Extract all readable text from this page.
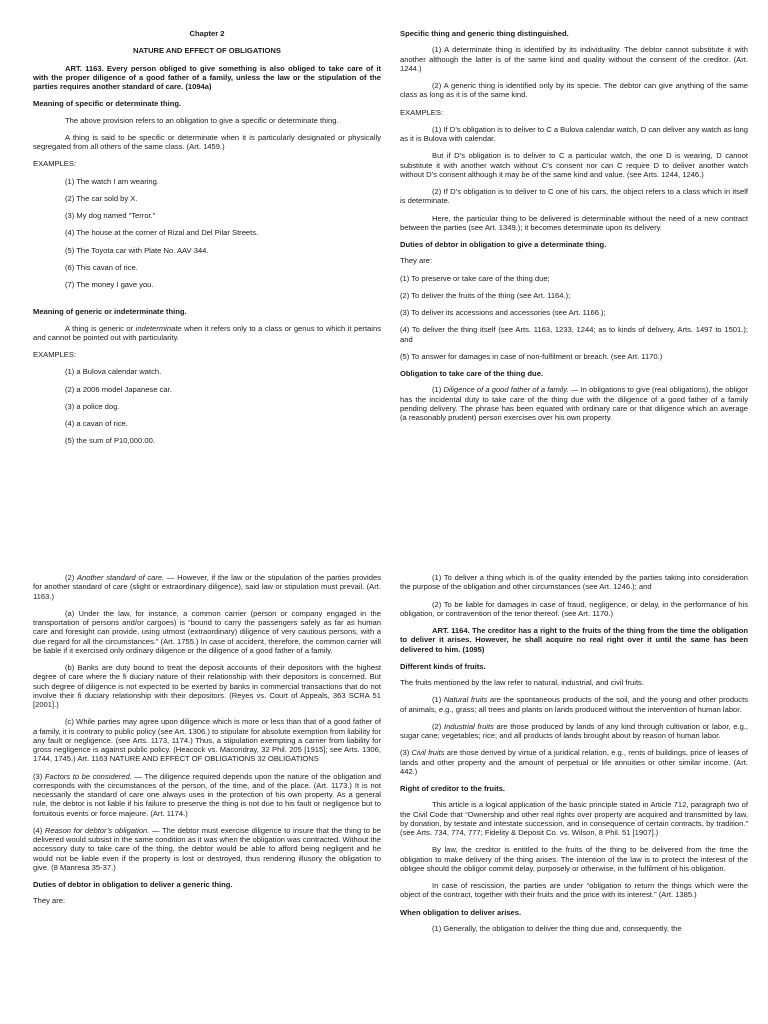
Chapter 2
NATURE AND EFFECT OF OBLIGATIONS
ART. 1163. Every person obliged to give something is also obliged to take care of it with the proper diligence of a good father of a family, unless the law or the stipulation of the parties requires another standard of care. (1094a)
Meaning of specific or determinate thing.
The above provision refers to an obligation to give a specific or determinate thing.
A thing is said to be specific or determinate when it is particularly designated or physically segregated from all others of the same class. (Art. 1459.)
EXAMPLES:
(1) The watch I am wearing.
(2) The car sold by X.
(3) My dog named “Terror.”
(4) The house at the corner of Rizal and Del Pilar Streets.
(5) The Toyota car with Plate No. AAV 344.
(6) This cavan of rice.
(7) The money I gave you.
Meaning of generic or indeterminate thing.
A thing is generic or indeterminate when it refers only to a class or genus to which it pertains and cannot be pointed out with particularity.
EXAMPLES:
(1) a Bulova calendar watch.
(2) a 2006 model Japanese car.
(3) a police dog.
(4) a cavan of rice.
(5) the sum of P10,000.00.
Specific thing and generic thing distinguished.
(1) A determinate thing is identified by its individuality. The debtor cannot substitute it with another although the latter is of the same kind and quality without the consent of the creditor. (Art. 1244.)
(2) A generic thing is identified only by its specie. The debtor can give anything of the same class as long as it is of the same kind.
EXAMPLES:
(1) If D’s obligation is to deliver to C a Bulova calendar watch, D can deliver any watch as long as it is Bulova with calendar.
But if D’s obligation is to deliver to C a particular watch, the one D is wearing, D cannot substitute it with another watch without C’s consent nor can C require D to deliver another watch without D’s consent although it may be of the same kind and value. (see Arts. 1244, 1246.)
(2) If D’s obligation is to deliver to C one of his cars, the object refers to a class which in itself is determinate.
Here, the particular thing to be delivered is determinable without the need of a new contract between the parties (see Art. 1349.); it becomes determinate upon its delivery.
Duties of debtor in obligation to give a determinate thing.
They are:
(1) To preserve or take care of the thing due;
(2) To deliver the fruits of the thing (see Art. 1164.);
(3) To deliver its accessions and accessories (see Art. 1166.);
(4) To deliver the thing itself (see Arts. 1163, 1233, 1244; as to kinds of delivery, Arts. 1497 to 1501.); and
(5) To answer for damages in case of non-fulfilment or breach. (see Art. 1170.)
Obligation to take care of the thing due.
(1) Diligence of a good father of a family. — In obligations to give (real obligations), the obligor has the incidental duty to take care of the thing due with the diligence of a good father of a family pending delivery. The phrase has been equated with ordinary care or that diligence which an average (a reasonably prudent) person exercises over his own property.
(2) Another standard of care. — However, if the law or the stipulation of the parties provides for another standard of care (slight or extraordinary diligence), said law or stipulation must prevail. (Art. 1163.)
(a) Under the law, for instance, a common carrier (person or company engaged in the transportation of persons and/or cargoes) is “bound to carry the passengers safely as far as human care and foresight can provide, using utmost (extraordinary) diligence of very cautious persons, with a due regard for all the circumstances.” (Art. 1755.) In case of accident, therefore, the common carrier will be liable if it exercised only ordinary diligence or the diligence of a good father of a family.
(b) Banks are duty bound to treat the deposit accounts of their depositors with the highest degree of care where the fi duciary nature of their relationship with their depositors is concerned. But such degree of diligence is not expected to be exerted by banks in commercial transactions that do not involve their fi duciary relationship with their depositors. (Reyes vs. Court of Appeals, 363 SCRA 51 [2001].)
(c) While parties may agree upon diligence which is more or less than that of a good father of a family, it is contrary to public policy (see Art. 1306.) to stipulate for absolute exemption from liability for any fault or negligence. (see Arts. 1173, 1174.) Thus, a stipulation exempting a carrier from liability for gross negligence is against public policy. (Heacock vs. Macondray, 32 Phil. 205 [1915]; see Arts. 1306, 1744, 1745.) Art. 1163 NATURE AND EFFECT OF OBLIGATIONS 32 OBLIGATIONS
(3) Factors to be considered. — The diligence required depends upon the nature of the obligation and corresponds with the circumstances of the person, of the time, and of the place. (Art. 1173.) It is not necessarily the standard of care one always uses in the protection of his own property. As a general rule, the debtor is not liable if his failure to preserve the thing is not due to his fault or negligence but to fortuitous events or force majeure. (Art. 1174.)
(4) Reason for debtor’s obligation. — The debtor must exercise diligence to insure that the thing to be delivered would subsist in the same condition as it was when the obligation was contracted. Without the accessory duty to take care of the thing, the debtor would be able to afford being negligent and he would not be liable even if the property is lost or destroyed, thus rendering illusory the obligation to give. (8 Manresa 35-37.)
Duties of debtor in obligation to deliver a generic thing.
They are:
(1) To deliver a thing which is of the quality intended by the parties taking into consideration the purpose of the obligation and other circumstances (see Art. 1246.); and
(2) To be liable for damages in case of fraud, negligence, or delay, in the performance of his obligation, or contravention of the tenor thereof. (see Art. 1170.)
ART. 1164. The creditor has a right to the fruits of the thing from the time the obligation to deliver it arises. However, he shall acquire no real right over it until the same has been delivered to him. (1095)
Different kinds of fruits.
The fruits mentioned by the law refer to natural, industrial, and civil fruits.
(1) Natural fruits are the spontaneous products of the soil, and the young and other products of animals, e.g., grass; all trees and plants on lands produced without the intervention of human labor.
(2) Industrial fruits are those produced by lands of any kind through cultivation or labor, e.g., sugar cane; vegetables; rice; and all products of lands brought about by reason of human labor.
(3) Civil fruits are those derived by virtue of a juridical relation, e.g., rents of buildings, price of leases of lands and other property and the amount of perpetual or life annuities or other similar income. (Art. 442.)
Right of creditor to the fruits.
This article is a logical application of the basic principle stated in Article 712, paragraph two of the Civil Code that “Ownership and other real rights over property are acquired and transmitted by law, by donation, by testate and intestate succession, and in consequence of certain contracts, by tradition.” (see Arts. 734, 774, 777; Fidelity & Deposit Co. vs. Wilson, 8 Phil. 51 [1907].)
By law, the creditor is entitled to the fruits of the thing to be delivered from the time the obligation to make delivery of the thing arises. The intention of the law is to protect the interest of the obligee should the obligor commit delay, purposely or otherwise, in the fulfilment of his obligation.
In case of rescission, the parties are under “obligation to return the things which were the object of the contract, together with their fruits and the price with its interest.” (Art. 1385.)
When obligation to deliver arises.
(1) Generally, the obligation to deliver the thing due and, consequently, the
